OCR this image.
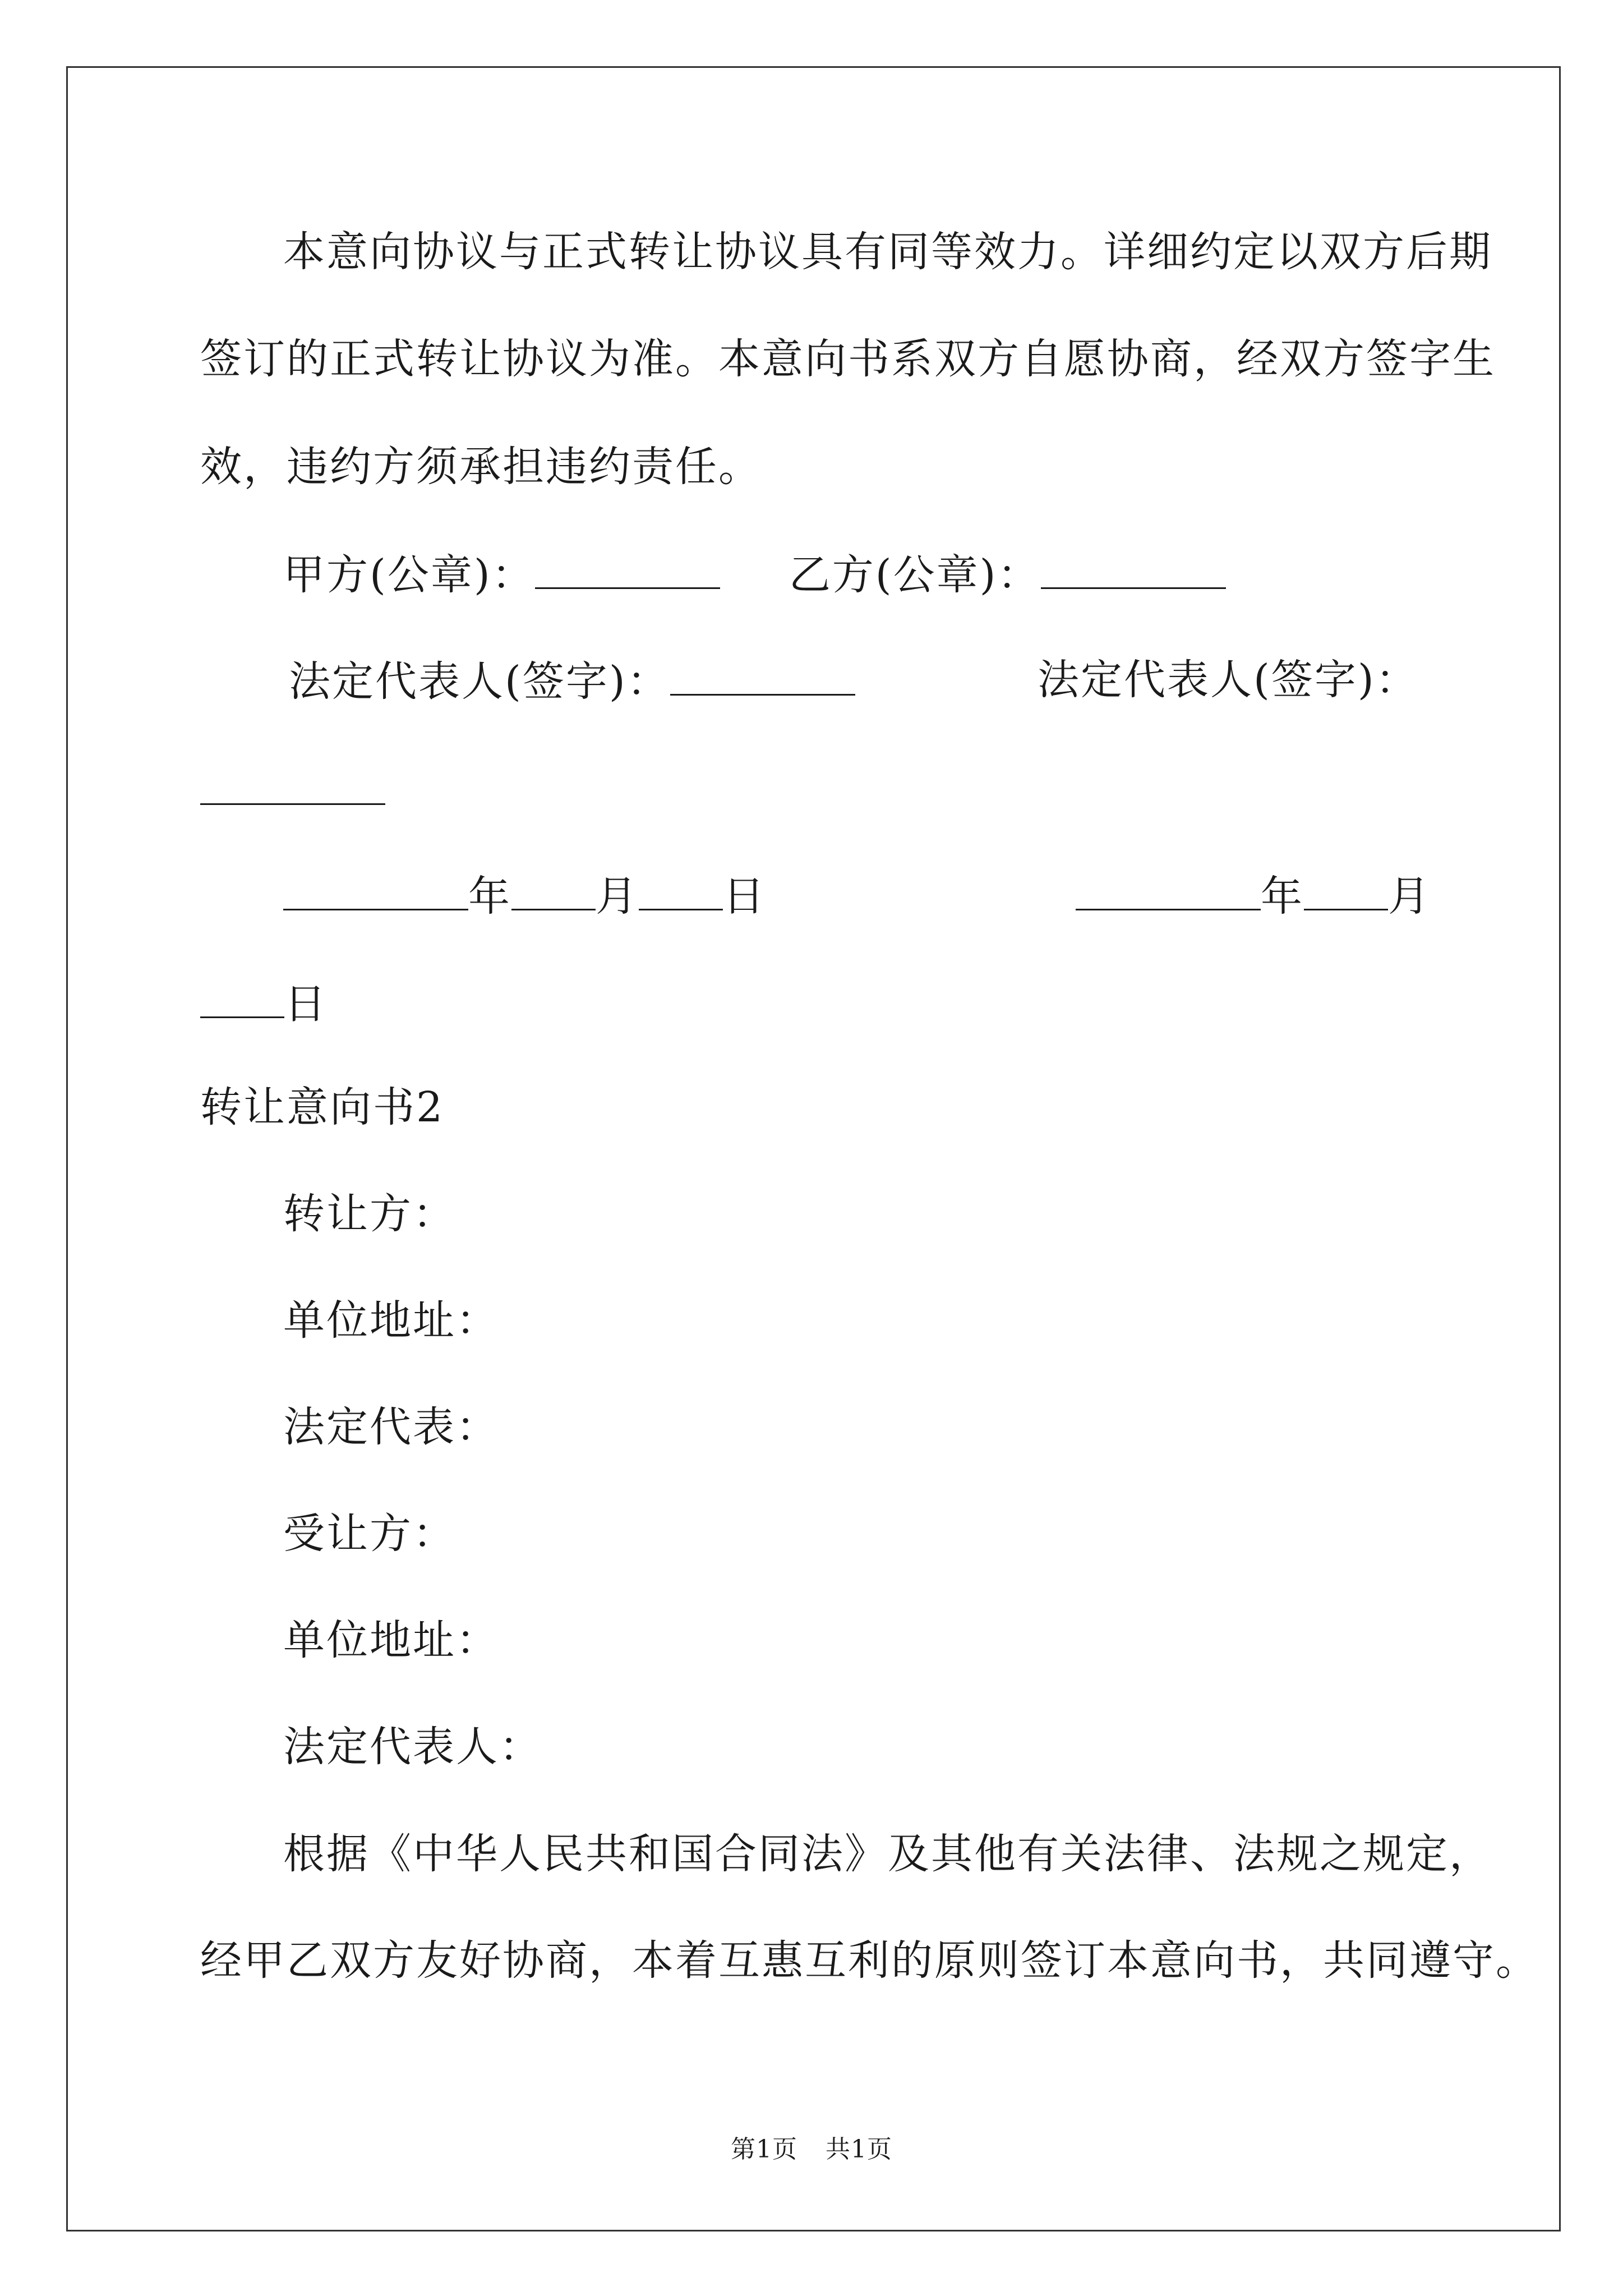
本意向协议与正式转让协议具有同等效力。详细约定以双方后期
签订的正式转让协议为准。本意向书系双方自愿协商，经双方签字生
效，违约方须承担违约责任。
甲方(公章)：	乙方(公章)：
法定代表人(签字)：	法定代表人(签字)：
年 月 日	年 月
日
转让意向书2
转让方：
单位地址：
法定代表：
受让方：
单位地址：
法定代表人：
根据《中华人民共和国合同法》及其他有关法律、法规之规定，
经甲乙双方友好协商，本着互惠互利的原则签订本意向书，共同遵守。
第1页 共1页
